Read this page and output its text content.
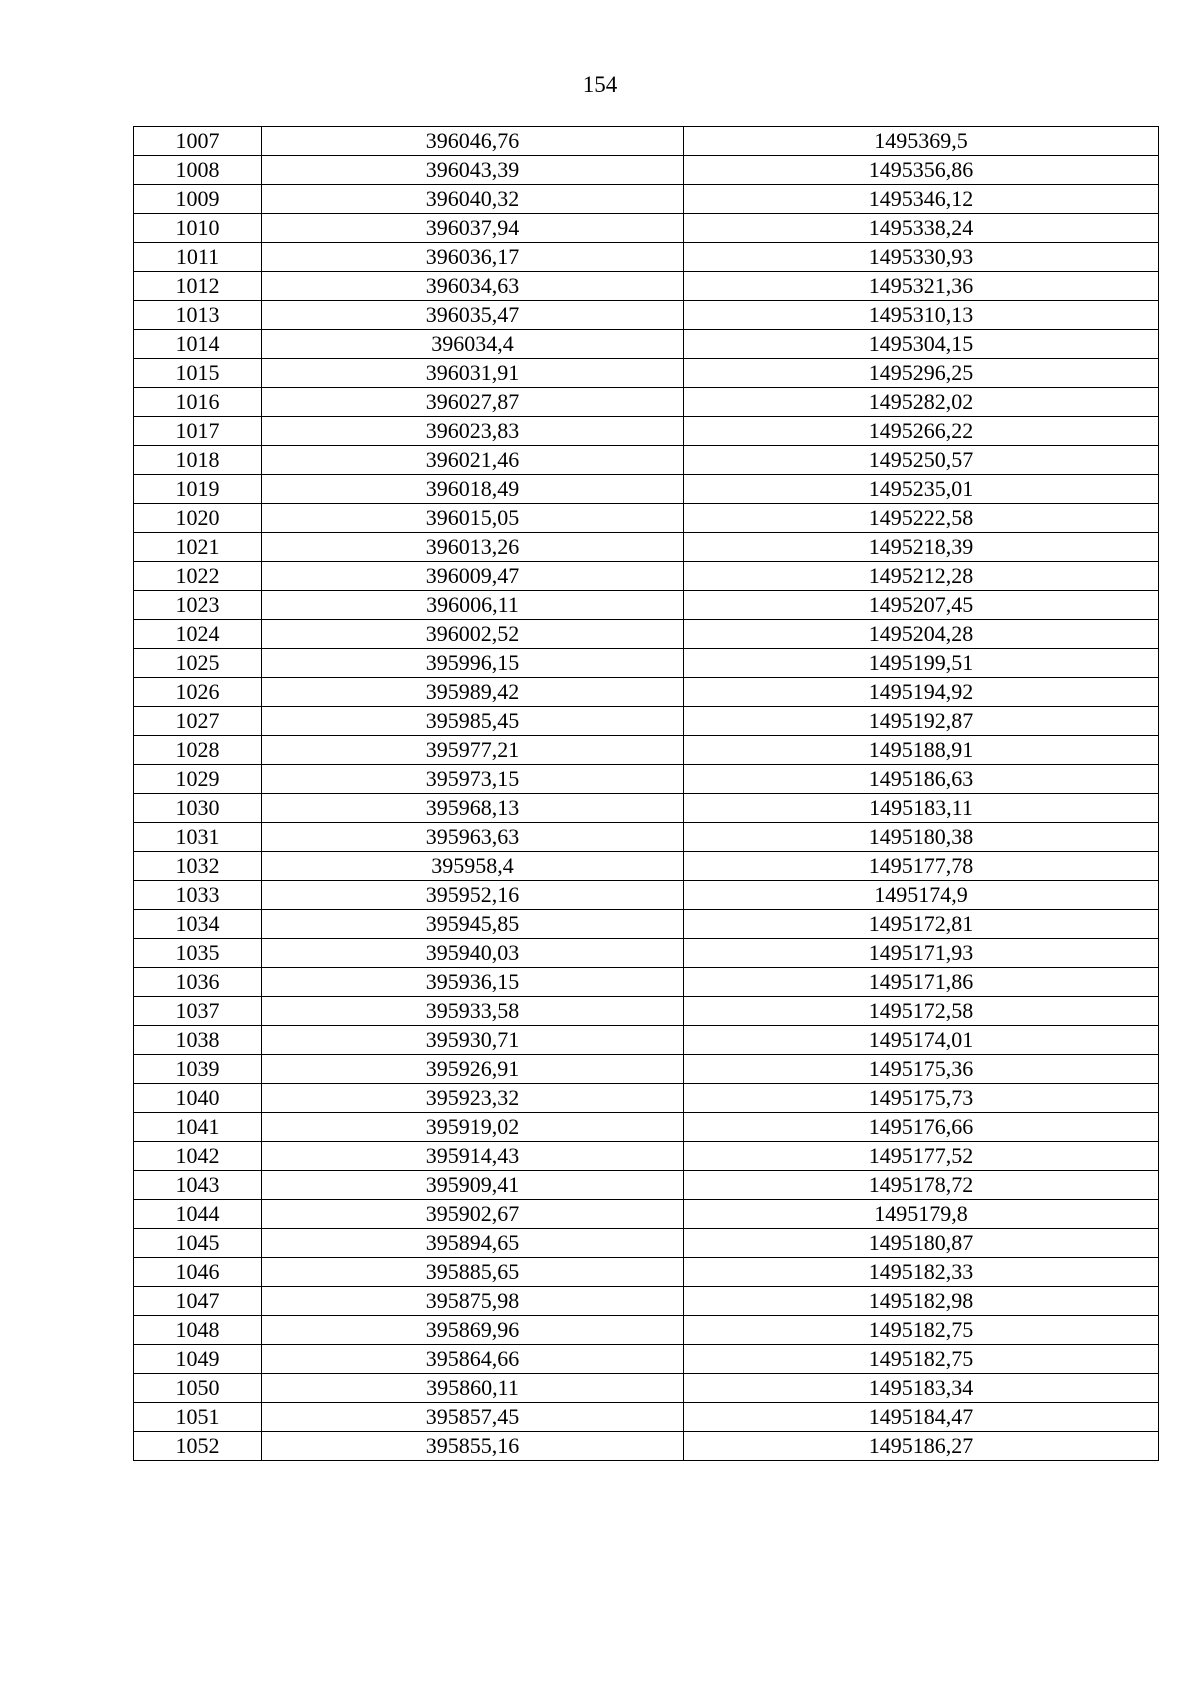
154
1007	396046,76	1495369,5
1008	396043,39	1495356,86
1009	396040,32	1495346,12
1010	396037,94	1495338,24
1011	396036,17	1495330,93
1012	396034,63	1495321,36
1013	396035,47	1495310,13
1014	396034,4	1495304,15
1015	396031,91	1495296,25
1016	396027,87	1495282,02
1017	396023,83	1495266,22
1018	396021,46	1495250,57
1019	396018,49	1495235,01
1020	396015,05	1495222,58
1021	396013,26	1495218,39
1022	396009,47	1495212,28
1023	396006,11	1495207,45
1024	396002,52	1495204,28
1025	395996,15	1495199,51
1026	395989,42	1495194,92
1027	395985,45	1495192,87
1028	395977,21	1495188,91
1029	395973,15	1495186,63
1030	395968,13	1495183,11
1031	395963,63	1495180,38
1032	395958,4	1495177,78
1033	395952,16	1495174,9
1034	395945,85	1495172,81
1035	395940,03	1495171,93
1036	395936,15	1495171,86
1037	395933,58	1495172,58
1038	395930,71	1495174,01
1039	395926,91	1495175,36
1040	395923,32	1495175,73
1041	395919,02	1495176,66
1042	395914,43	1495177,52
1043	395909,41	1495178,72
1044	395902,67	1495179,8
1045	395894,65	1495180,87
1046	395885,65	1495182,33
1047	395875,98	1495182,98
1048	395869,96	1495182,75
1049	395864,66	1495182,75
1050	395860,11	1495183,34
1051	395857,45	1495184,47
1052	395855,16	1495186,27
